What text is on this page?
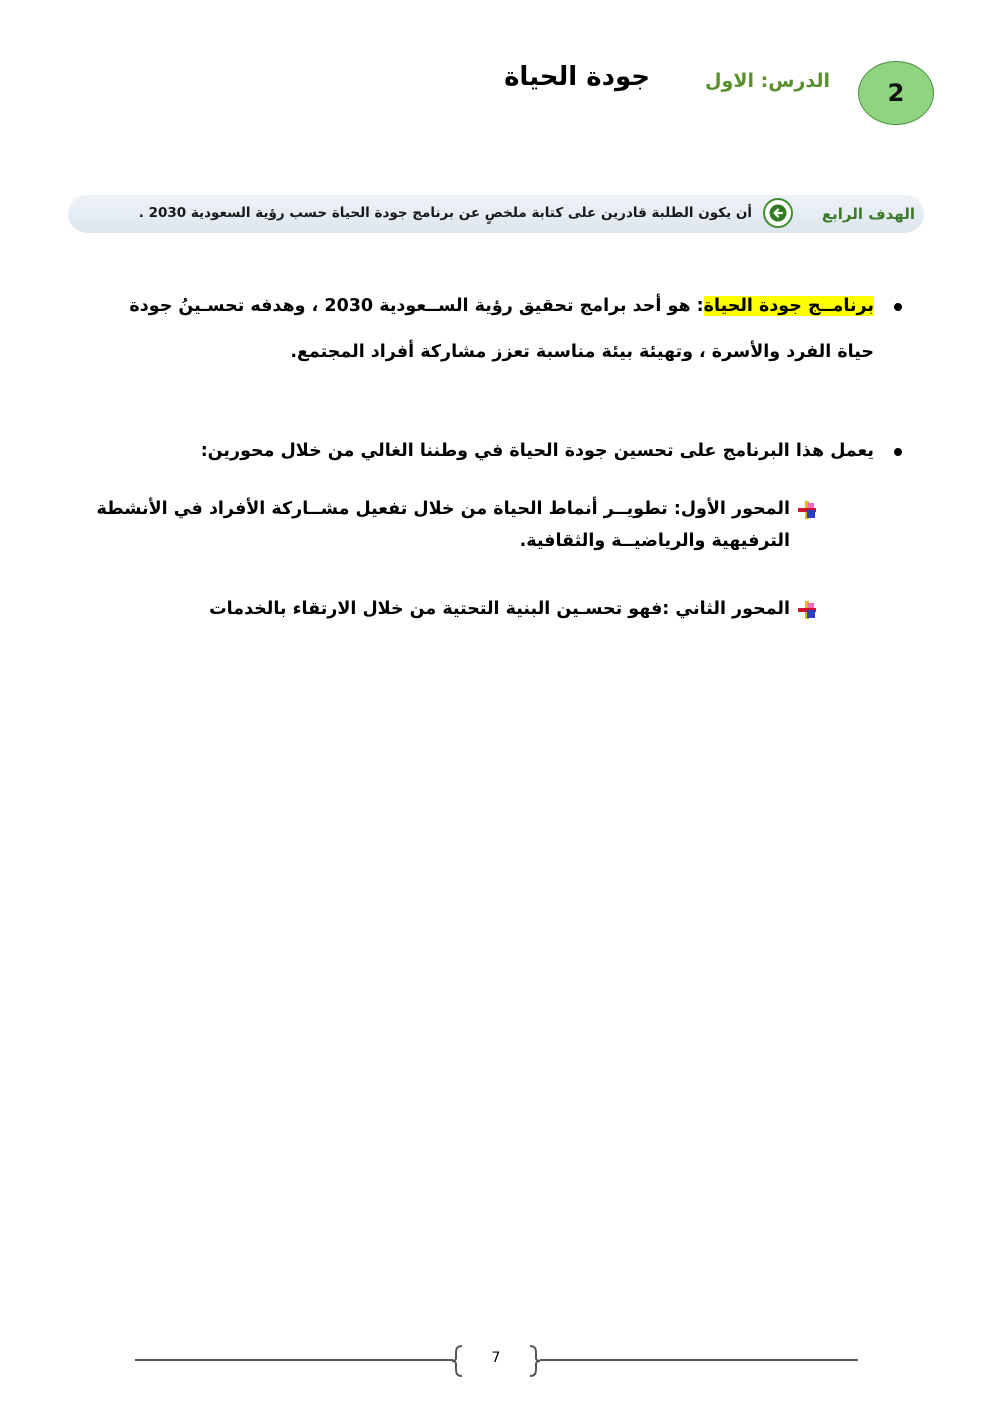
2
الدرس: الاول
جودة الحياة
الهدف الرابع
أن يكون الطلبة قادرين على كتابة ملخصٍ عن برنامج جودة الحياة حسب رؤية السعودية 2030 .
برنامــج جودة الحياة: هو أحد برامج تحقيق رؤية الســعودية 2030 ، وهدفه تحسـينُ جودة
حياة الفرد والأسرة ، وتهيئة بيئة مناسبة تعزز مشاركة أفراد المجتمع.
يعمل هذا البرنامج على تحسين جودة الحياة في وطننا الغالي من خلال محورين:
المحور الأول: تطويــر أنماط الحياة من خلال تفعيل مشــاركة الأفراد في الأنشطة
الترفيهية والرياضيــة والثقافية.
المحور الثاني :فهو تحسـين البنية التحتية من خلال الارتقاء بالخدمات
7
